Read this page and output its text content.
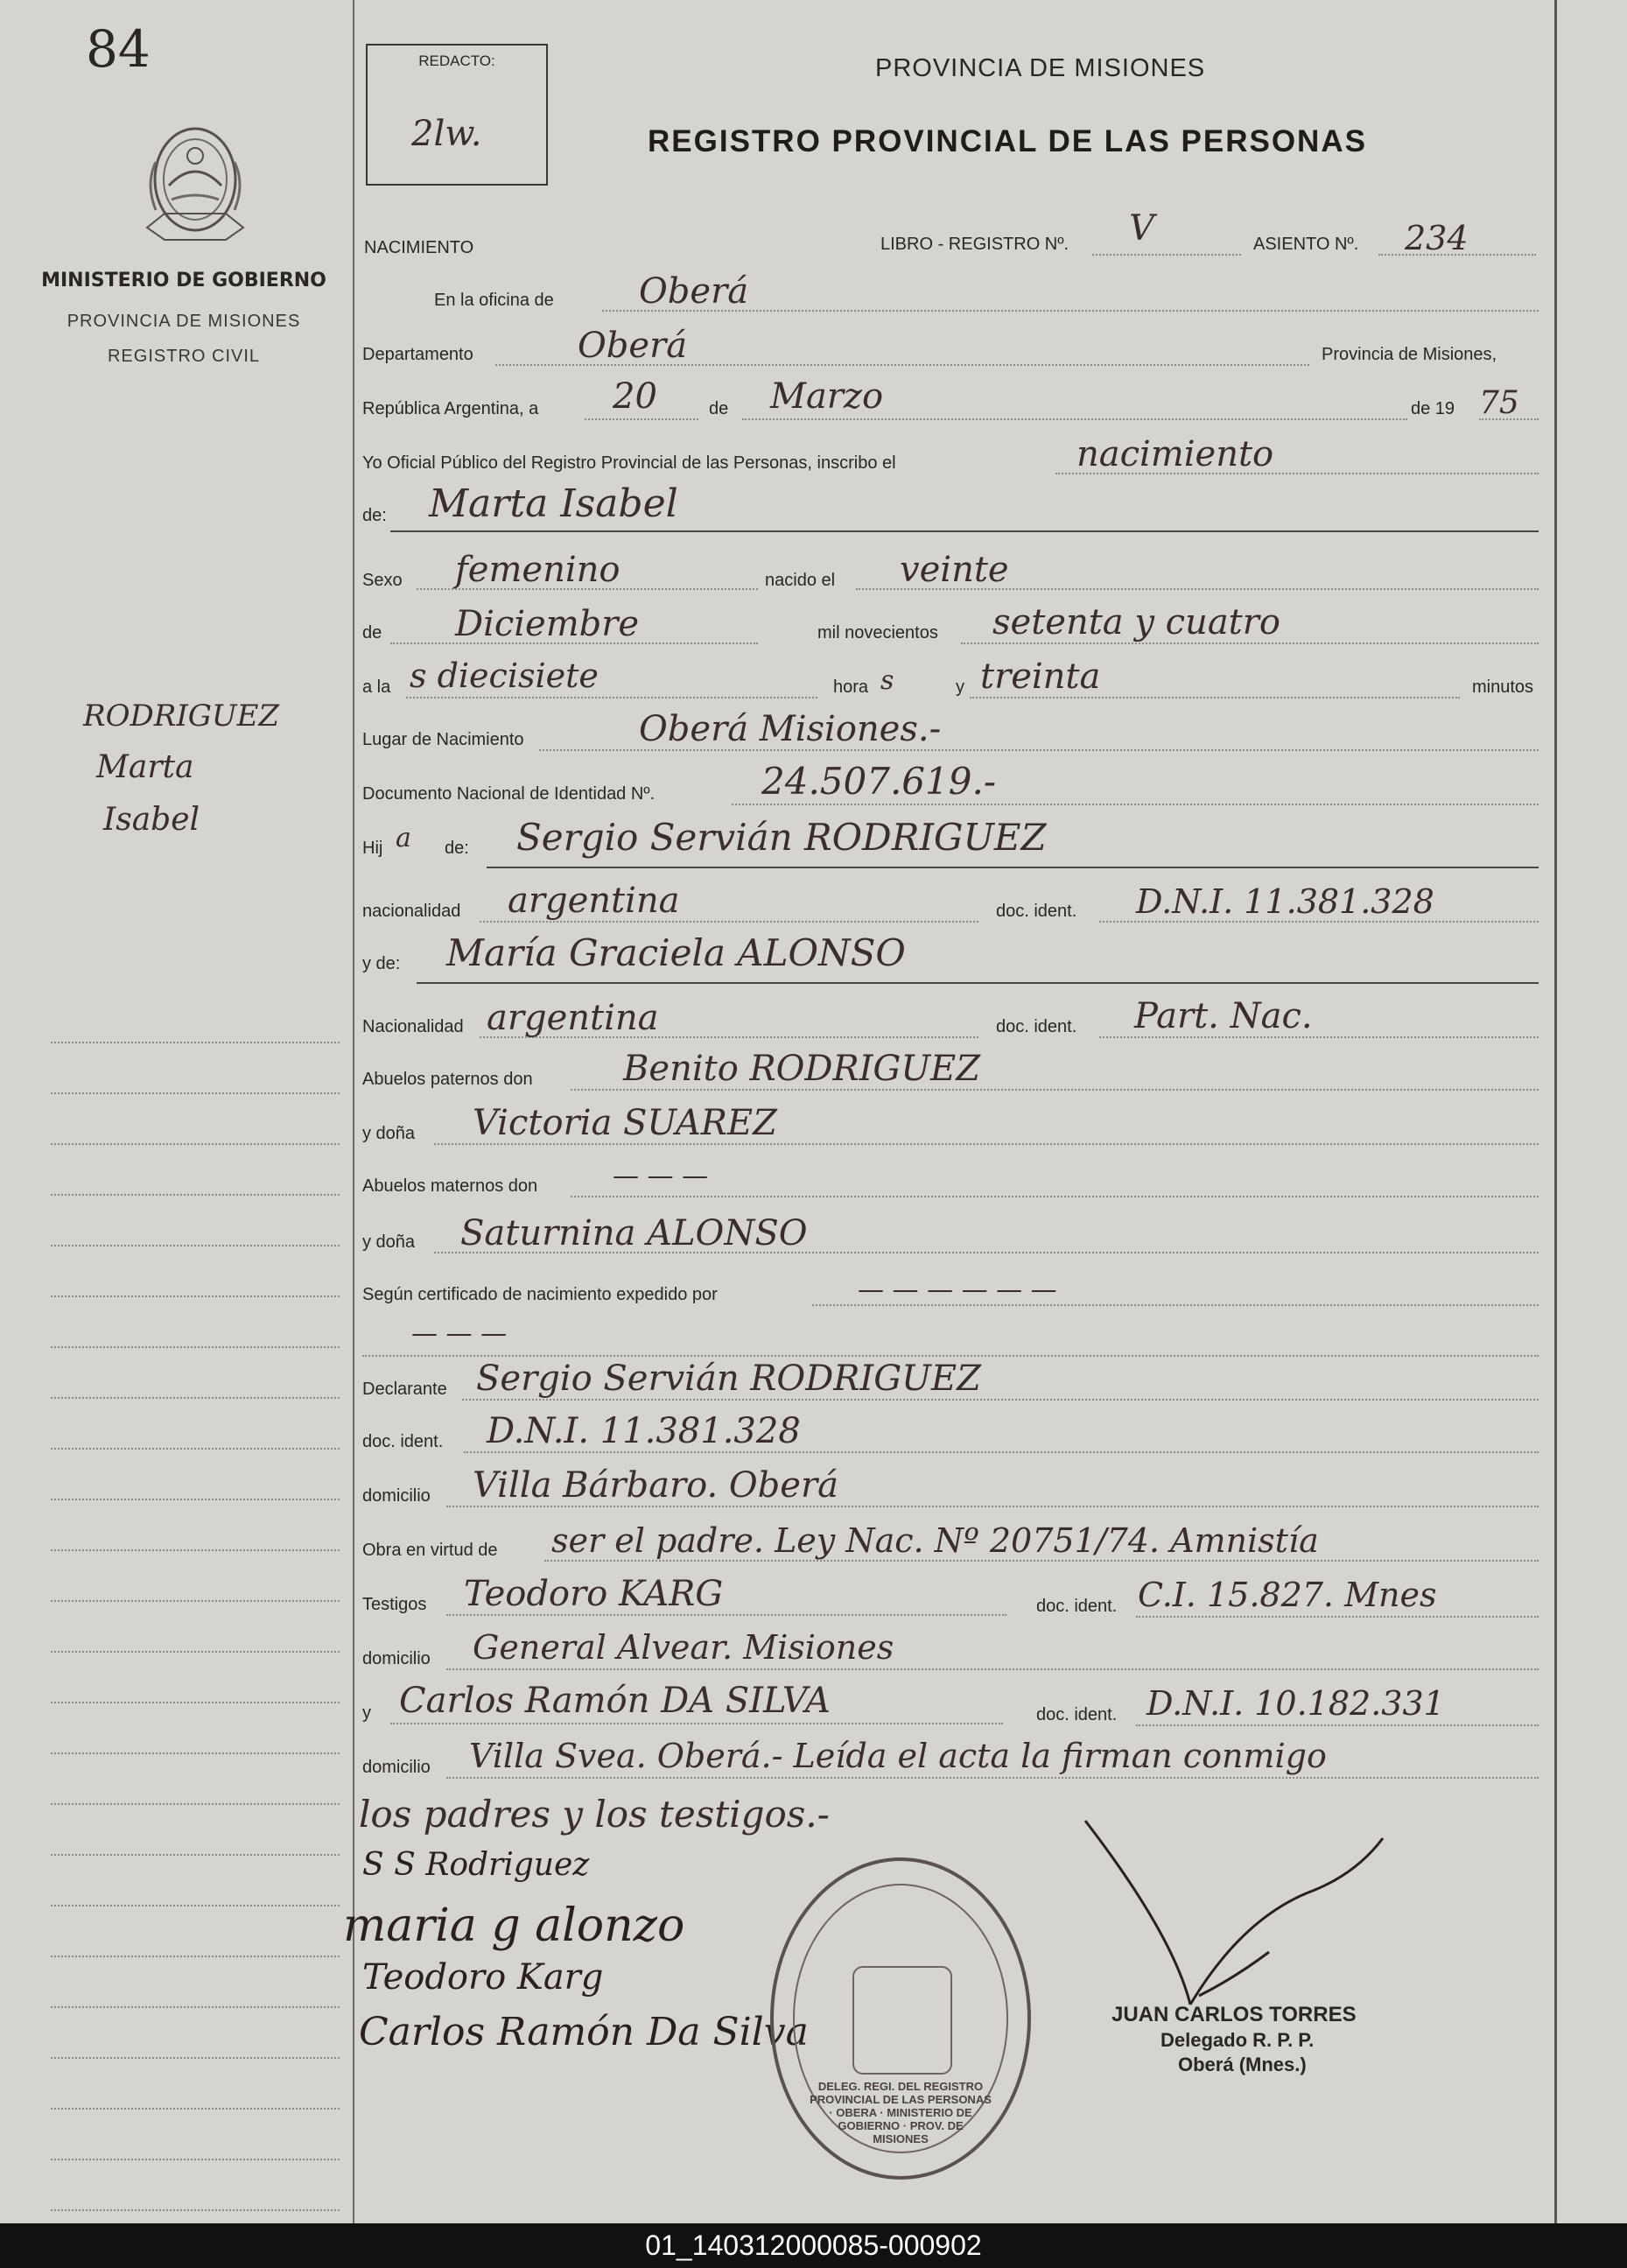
84
MINISTERIO DE GOBIERNO
PROVINCIA DE MISIONES
REGISTRO CIVIL
RODRIGUEZ
Marta
Isabel
REDACTO:
2lw.
PROVINCIA DE MISIONES
REGISTRO PROVINCIAL DE LAS PERSONAS
NACIMIENTO	LIBRO - REGISTRO Nº. V	ASIENTO Nº. 234
En la oficina de Oberá
Departamento	Oberá	Provincia de Misiones,
República Argentina, a 20	de Marzo	de 19 75
Yo Oficial Público del Registro Provincial de las Personas, inscribo el	nacimiento
de: Marta Isabel
Sexo femenino	nacido el veinte
de Diciembre	mil novecientos setenta y cuatro
a la s diecisiete	hora s	y treinta	minutos
Lugar de Nacimiento	Oberá Misiones.-
Documento Nacional de Identidad Nº.	24.507.619.-
Hij a de: Sergio Servián RODRIGUEZ
nacionalidad argentina	doc. ident. D.N.I. 11.381.328
y de: María Graciela ALONSO
Nacionalidad argentina	doc. ident. Part. Nac.
Abuelos paternos don	Benito RODRIGUEZ
y doña Victoria SUAREZ
Abuelos maternos don	— — —
y doña Saturnina ALONSO
Según certificado de nacimiento expedido por	— — — — — —
— — —
Declarante Sergio Servián RODRIGUEZ
doc. ident. D.N.I. 11.381.328
domicilio Villa Bárbaro. Oberá
Obra en virtud de ser el padre. Ley Nac. Nº 20751/74. Amnistía
Testigos Teodoro KARG	doc. ident. C.I. 15.827. Mnes
domicilio General Alvear. Misiones
y Carlos Ramón DA SILVA	doc. ident. D.N.I. 10.182.331
domicilio Villa Svea. Oberá.- Leída el acta la firman conmigo
los padres y los testigos.-
S S Rodriguez
maria g alonzo
Teodoro Karg
Carlos Ramón Da Silva
DELEG. REGI. DEL REGISTRO PROVINCIAL DE LAS PERSONAS · OBERA · MINISTERIO DE GOBIERNO · PROV. DE MISIONES
JUAN CARLOS TORRES
Delegado R. P. P.
Oberá (Mnes.)
01_140312000085-000902
